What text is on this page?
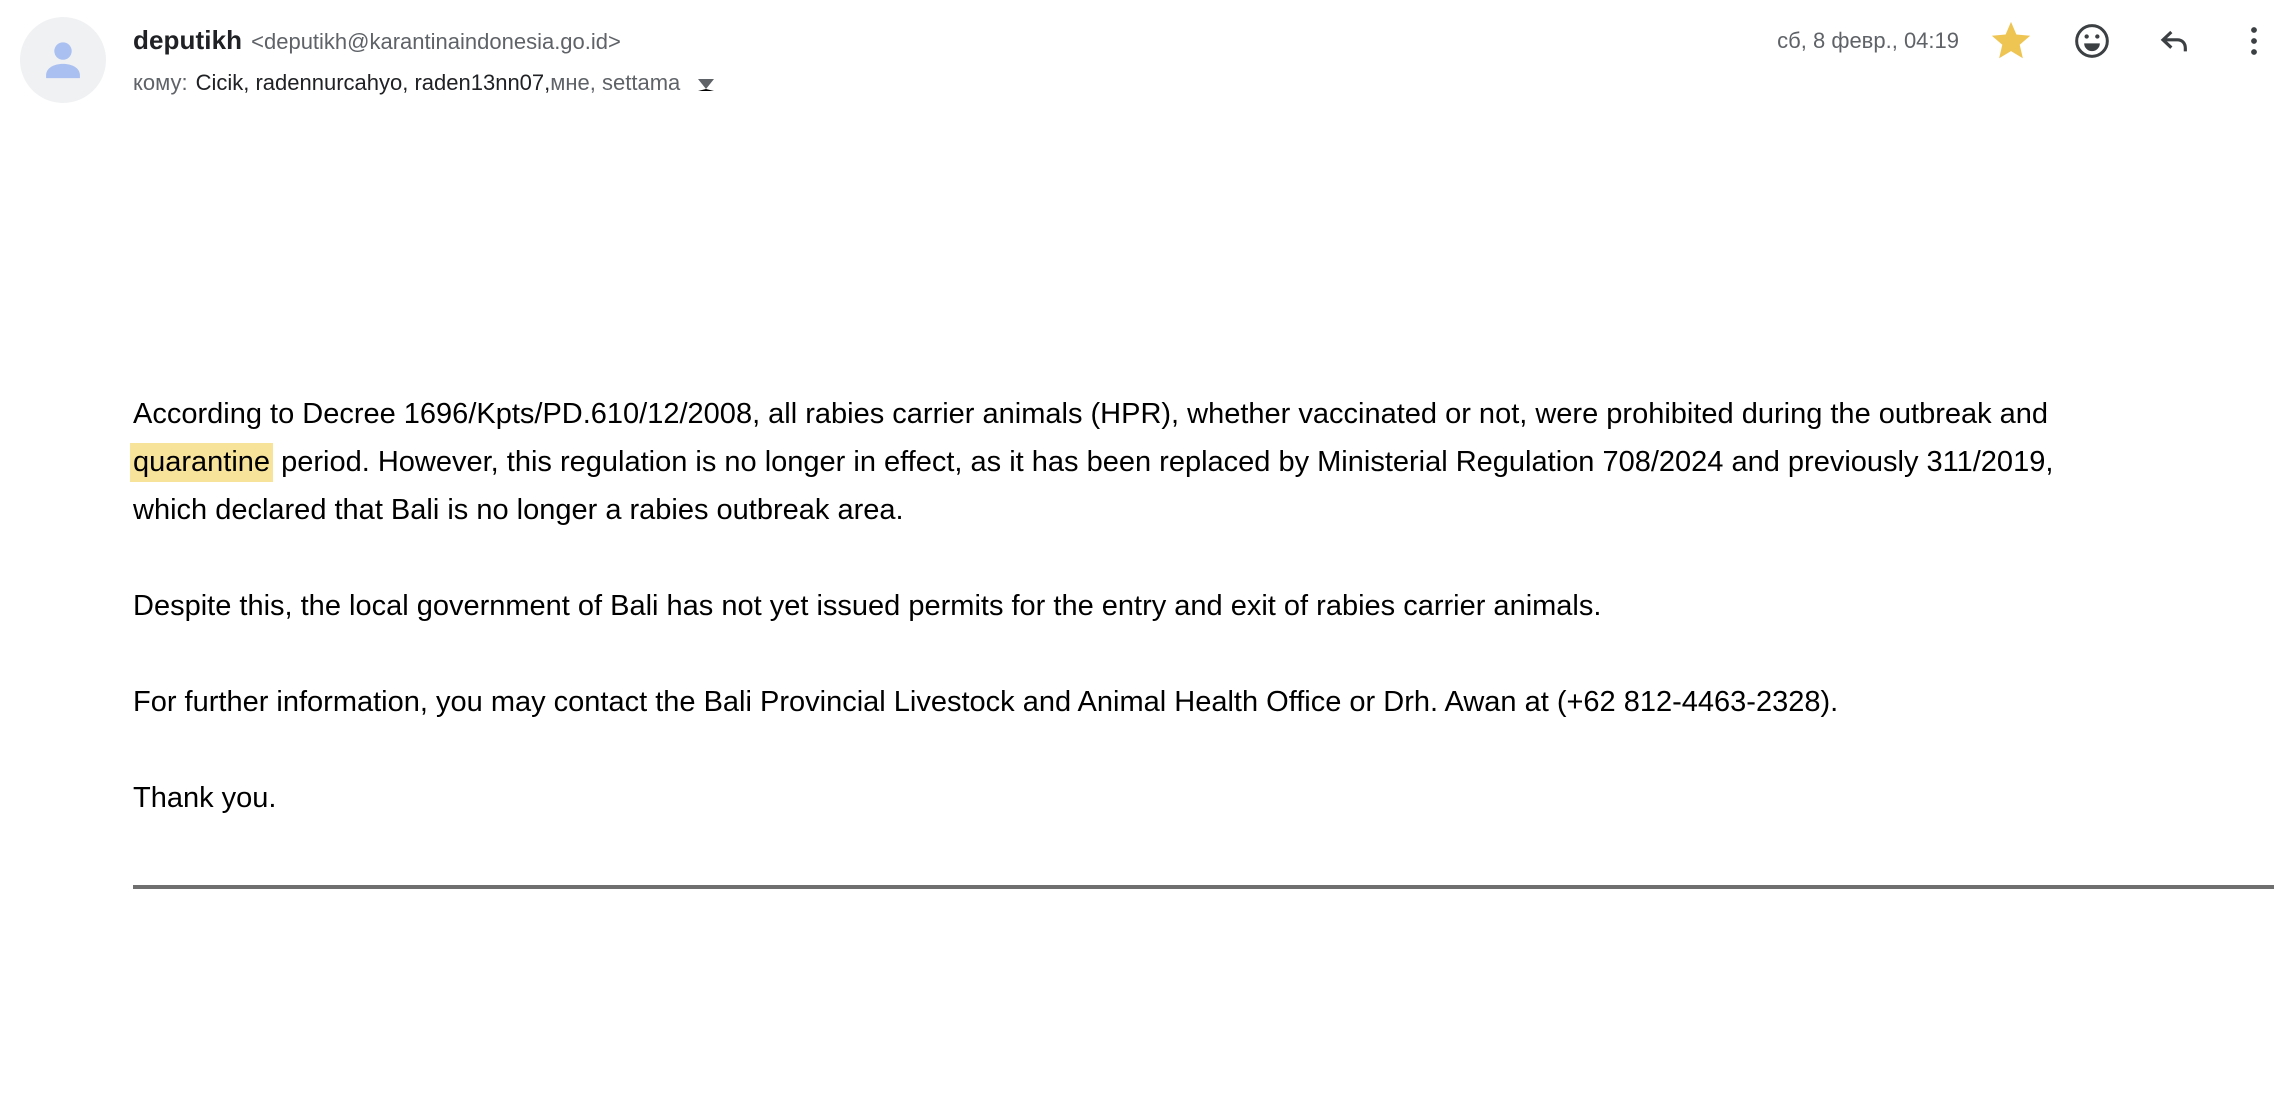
deputikh <deputikh@karantinaindonesia.go.id>
кому: Cicik, radennurcahyo, raden13nn07, мне, settama
сб, 8 февр., 04:19
According to Decree 1696/Kpts/PD.610/12/2008, all rabies carrier animals (HPR), whether vaccinated or not, were prohibited during the outbreak and
quarantine period. However, this regulation is no longer in effect, as it has been replaced by Ministerial Regulation 708/2024 and previously 311/2019,
which declared that Bali is no longer a rabies outbreak area.
Despite this, the local government of Bali has not yet issued permits for the entry and exit of rabies carrier animals.
For further information, you may contact the Bali Provincial Livestock and Animal Health Office or Drh. Awan at (+62 812-4463-2328).
Thank you.
